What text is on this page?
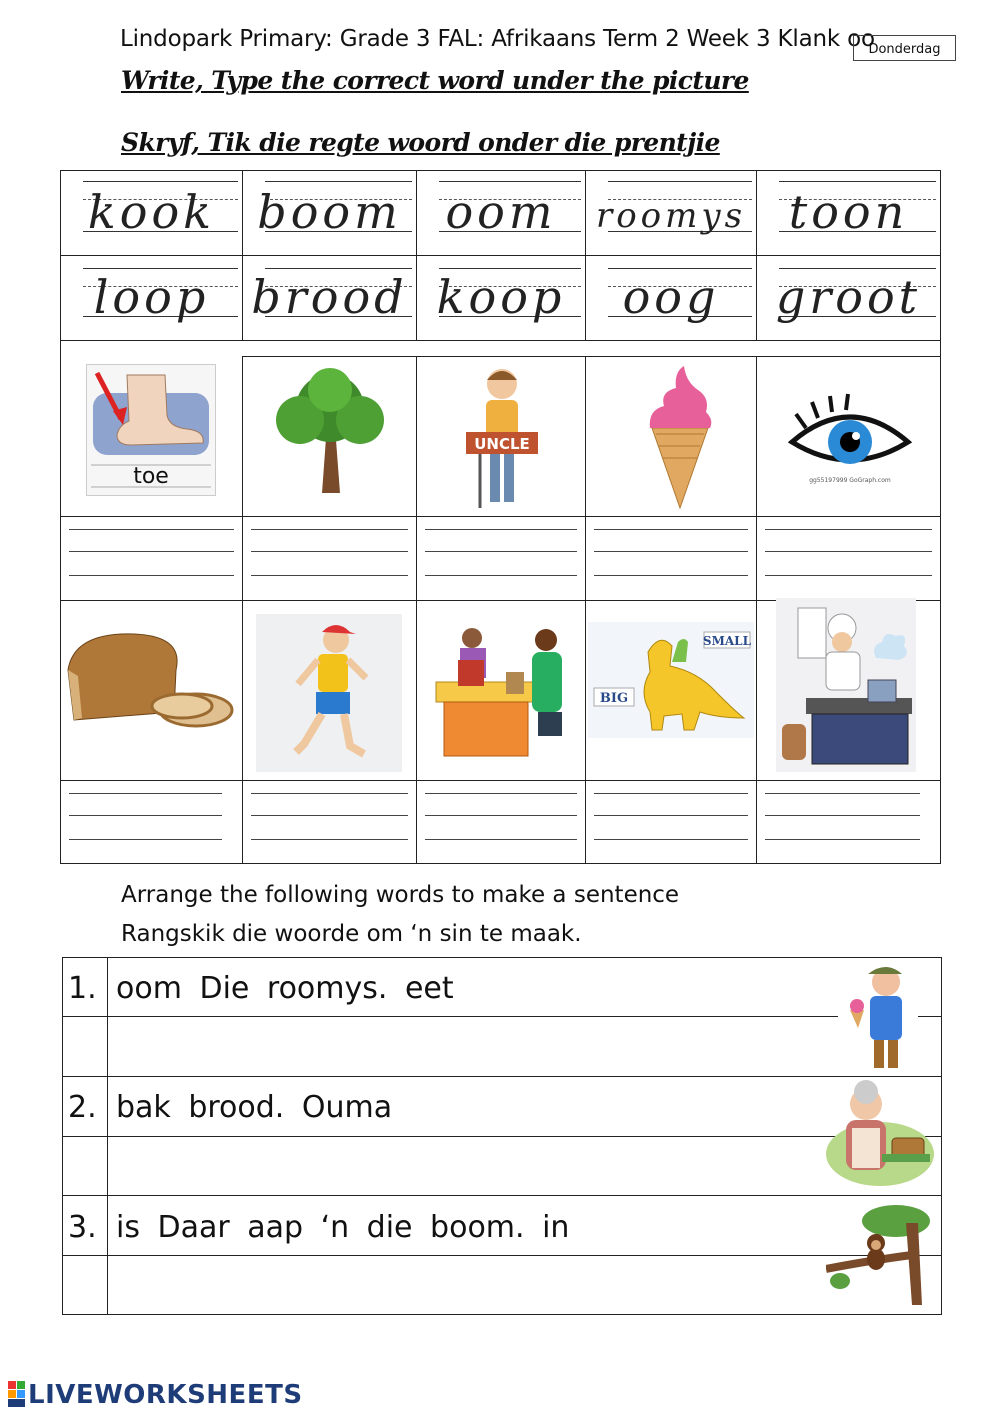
Lindopark Primary: Grade 3 FAL: Afrikaans Term 2 Week 3 Klank oo
Donderdag
Write, Type the correct word under the picture
Skryf, Tik die regte woord onder die prentjie
kook boom oom	roomys toon
loop brood koop	oog	groot
toe
UNCLE
gg55197999 GoGraph.com
SMALL
BIG
Arrange the following words to make a sentence
Rangskik die woorde om ‘n sin te maak.
1. oom Die roomys. eet
2. bak brood. Ouma
3. is Daar aap ‘n die boom. in
LIVEWORKSHEETS
